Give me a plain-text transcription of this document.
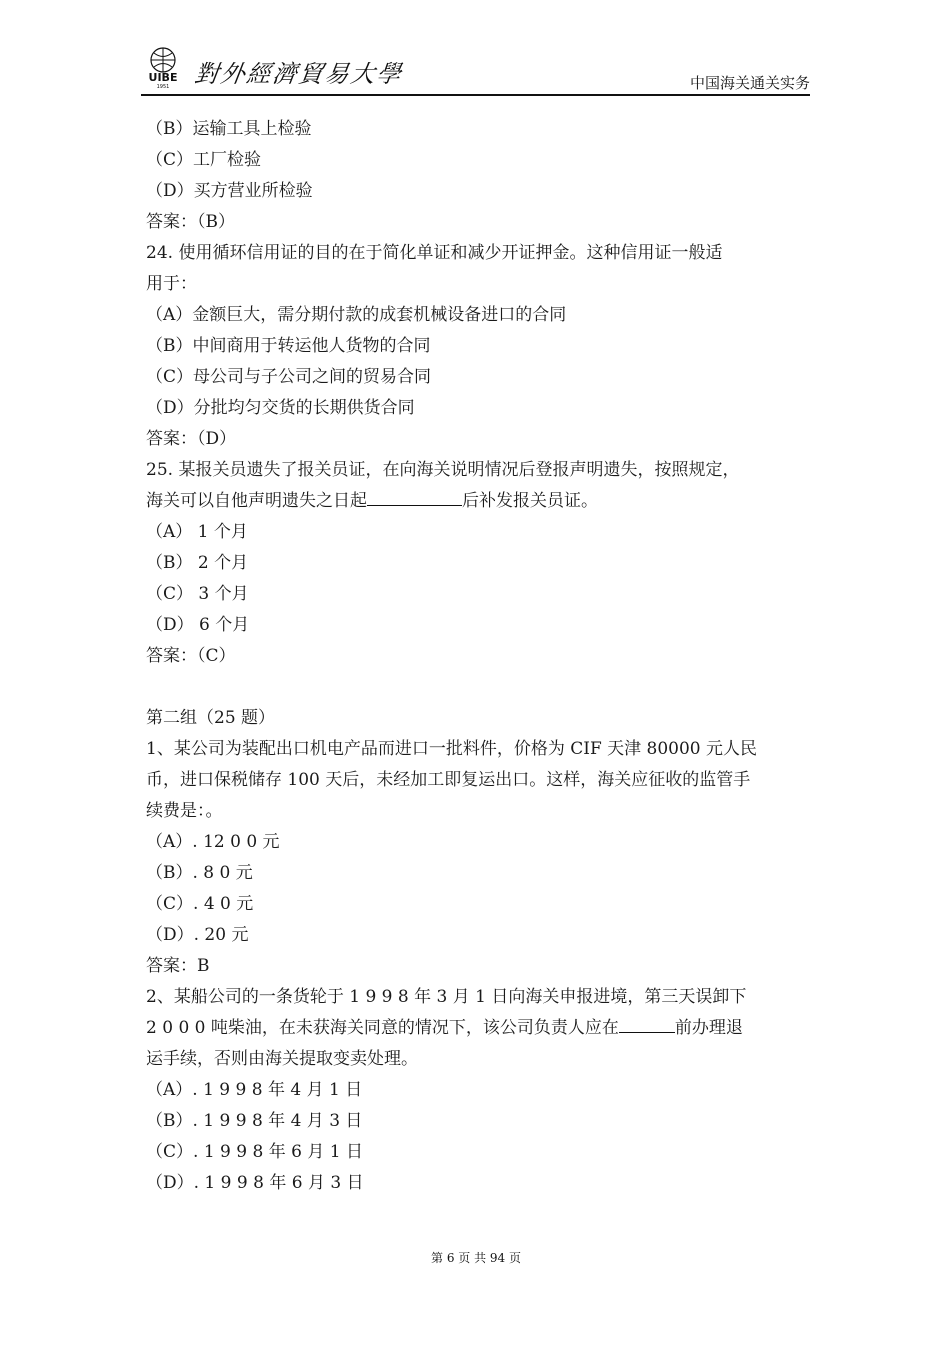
UIBE
1951 對外經濟貿易大學	中国海关通关实务
（B）运输工具上检验
（C）工厂检验
（D）买方营业所检验
答案：（B）
24. 使用循环信用证的目的在于简化单证和减少开证押金。这种信用证一般适
用于：
（A）金额巨大，需分期付款的成套机械设备进口的合同
（B）中间商用于转运他人货物的合同
（C）母公司与子公司之间的贸易合同
（D）分批均匀交货的长期供货合同
答案：（D）
25. 某报关员遗失了报关员证，在向海关说明情况后登报声明遗失，按照规定，
海关可以自他声明遗失之日起	后补发报关员证。
（A） 1 个月
（B） 2 个月
（C） 3 个月
（D） 6 个月
答案：（C）
第二组（25 题）
1、某公司为装配出口机电产品而进口一批料件，价格为 CIF 天津 80000 元人民
币，进口保税储存 100 天后，未经加工即复运出口。这样，海关应征收的监管手
续费是：。
（A）. 12 0 0 元
（B）. 8 0 元
（C）. 4 0 元
（D）. 20 元
答案：B
2、某船公司的一条货轮于 1 9 9 8 年 3 月 1 日向海关申报进境，第三天误卸下
2 0 0 0 吨柴油，在未获海关同意的情况下，该公司负责人应在	前办理退
运手续，否则由海关提取变卖处理。
（A）. 1 9 9 8 年 4 月 1 日
（B）. 1 9 9 8 年 4 月 3 日
（C）. 1 9 9 8 年 6 月 1 日
（D）. 1 9 9 8 年 6 月 3 日
第 6 页 共 94 页
